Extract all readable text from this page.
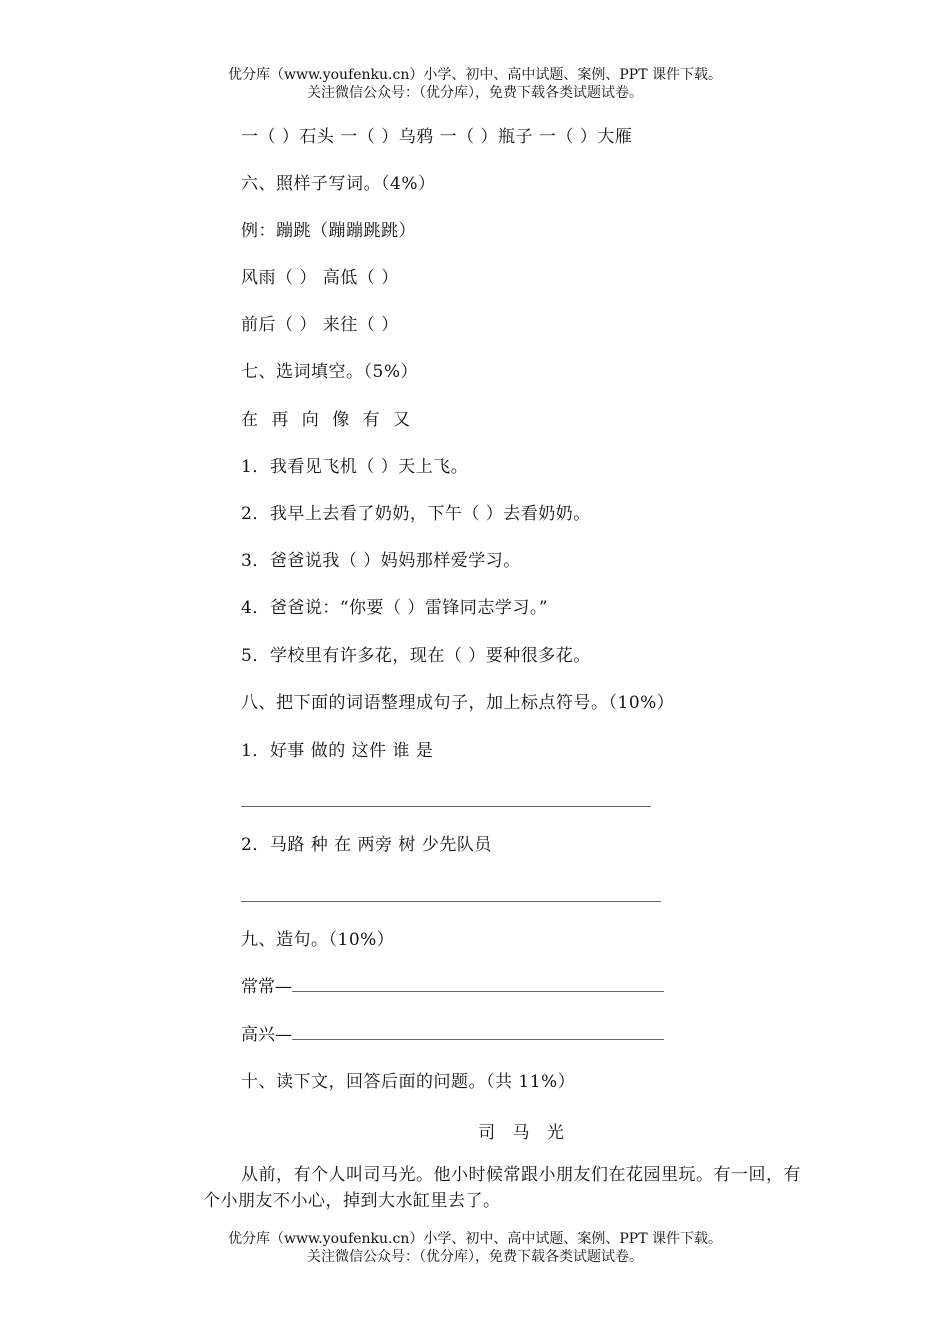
优分库（www.youfenku.cn）小学、初中、高中试题、案例、PPT 课件下载。
关注微信公众号：（优分库），免费下载各类试题试卷。
一（ ）石头 一（ ）乌鸦 一（ ）瓶子 一（ ）大雁
六、照样子写词。（4%）
例：蹦跳（蹦蹦跳跳）
风雨（ ） 高低（ ）
前后（ ） 来往（ ）
七、选词填空。（5%）
在 再 向 像 有 又
1．我看见飞机（ ）天上飞。
2．我早上去看了奶奶，下午（ ）去看奶奶。
3．爸爸说我（ ）妈妈那样爱学习。
4．爸爸说：“你要（ ）雷锋同志学习。”
5．学校里有许多花，现在（ ）要种很多花。
八、把下面的词语整理成句子，加上标点符号。（10%）
1．好事 做的 这件 谁 是
2．马路 种 在 两旁 树 少先队员
九、造句。（10%）
常常—
高兴—
十、读下文，回答后面的问题。（共 11%）
司 马 光
从前，有个人叫司马光。他小时候常跟小朋友们在花园里玩。有一回，有个小朋友不小心，掉到大水缸里去了。
优分库（www.youfenku.cn）小学、初中、高中试题、案例、PPT 课件下载。
关注微信公众号：（优分库），免费下载各类试题试卷。
